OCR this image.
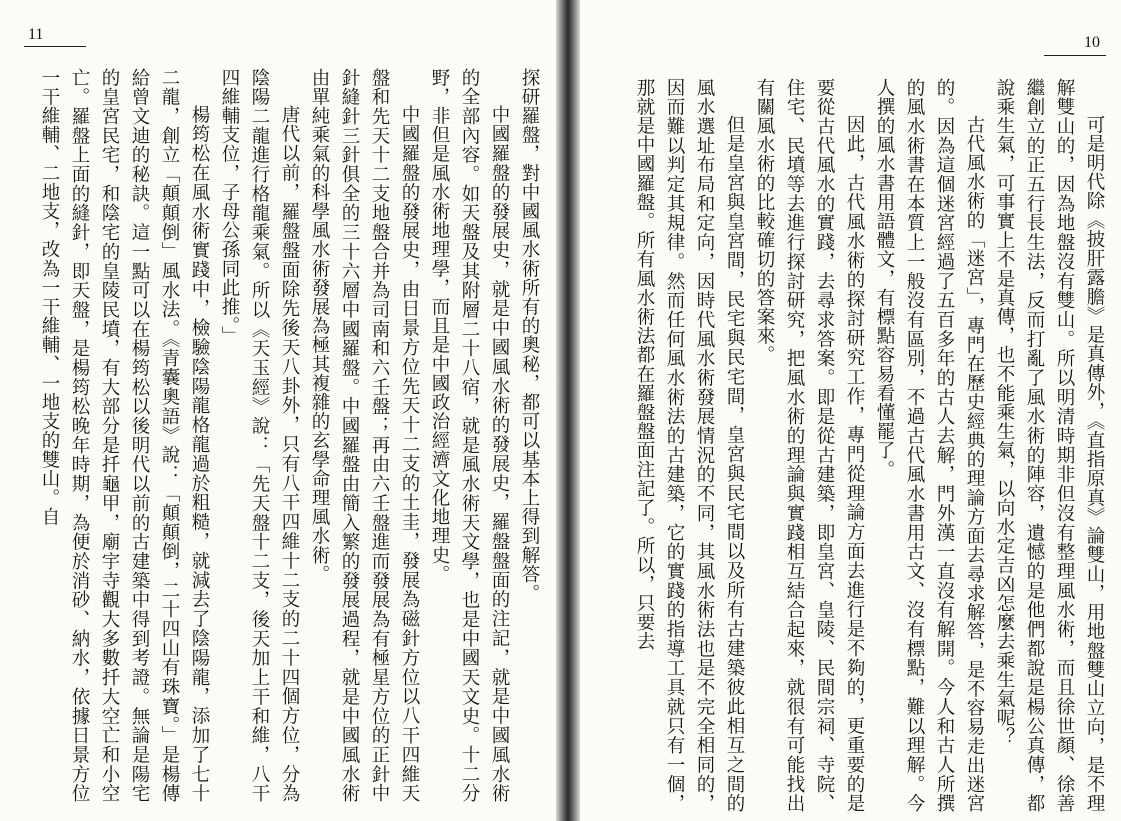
11

探研羅盤，對中國風水術所有的奧秘，都可以基本上得到解答。

中國羅盤的發展史，就是中國風水術的發展史，羅盤盤面的注記，就是中國風水術的全部內容。如天盤及其附層二十八宿，就是風水術天文學，也是中國天文史。十二分野，非但是風水術地理學，而且是中國政治經濟文化地理史。

中國羅盤的發展史，由日景方位先天十二支的土圭，發展為磁針方位以八干四維天盤和先天十二支地盤合并為司南和六壬盤；再由六壬盤進而發展為有極星方位的正針中針縫針三針俱全的三十六層中國羅盤。中國羅盤由簡入繁的發展過程，就是中國風水術由單純乘氣的科學風水術發展為極其複雜的玄學命理風水術。

唐代以前，羅盤盤面除先後天八卦外，只有八干四維十二支的二十四個方位，分為陰陽二龍進行格龍乘氣。所以《天玉經》說：「先天盤十二支，後天加上干和維，八干四維輔支位，子母公孫同此推。」

楊筠松在風水術實踐中，檢驗陰陽龍格龍過於粗糙，就減去了陰陽龍，添加了七十二龍，創立「顛顛倒」風水法。《青囊奧語》說：「顛顛倒，二十四山有珠寶。」是楊傳給曾文迪的秘訣。這一點可以在楊筠松以後明代以前的古建築中得到考證。無論是陽宅的皇宮民宅，和陰宅的皇陵民墳，有大部分是扦龜甲，廟宇寺觀大多數扦大空亡和小空亡。羅盤上面的縫針，即天盤，是楊筠松晚年時期，為便於消砂、納水，依據日景方位一干維輔、二地支，改為一干維輔、一地支的雙山。自

10

可是明代除《披肝露膽》是真傳外，《直指原真》論雙山，用地盤雙山立向，是不理解雙山的，因為地盤沒有雙山。所以明清時期非但沒有整理風水術，而且徐世顏、徐善繼創立的正五行長生法，反而打亂了風水術的陣容，遺憾的是他們都說是楊公真傳，都說乘生氣，可事實上不是真傳，也不能乘生氣，以向水定吉凶怎麼去乘生氣呢？

古代風水術的「迷宮」，專門在歷史經典的理論方面去尋求解答，是不容易走出迷宮的。因為這個迷宮經過了五百多年的古人去解，門外漢一直沒有解開。今人和古人所撰的風水術書在本質上一般沒有區別，不過古代風水書用古文、沒有標點，難以理解。今人撰的風水書用語體文，有標點容易看懂罷了。

因此，古代風水術的探討研究工作，專門從理論方面去進行是不夠的，更重要的是要從古代風水的實踐，去尋求答案。即是從古建築，即皇宮、皇陵、民間宗祠、寺院、住宅、民墳等去進行探討研究，把風水術的理論與實踐相互結合起來，就很有可能找出有關風水術的比較確切的答案來。

但是皇宮與皇宮間，民宅與民宅間，皇宮與民宅間以及所有古建築彼此相互之間的風水選址布局和定向，因時代風水術發展情況的不同，其風水術法也是不完全相同的，因而難以判定其規律。然而任何風水術法的古建築，它的實踐的指導工具就只有一個，那就是中國羅盤。所有風水術法都在羅盤盤面注記了。所以，只要去
